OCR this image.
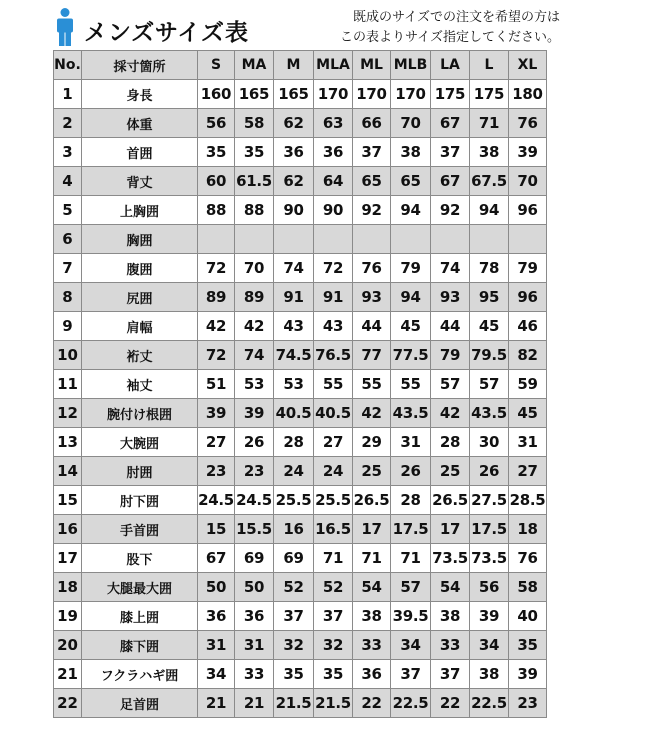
メンズサイズ表
既成のサイズでの注文を希望の方は
この表よりサイズ指定してください。
No.	採寸箇所	S	MA	M	MLA	ML	MLB	LA	L	XL
1	身長	160	165	165	170	170	170	175	175	180
2	体重	56	58	62	63	66	70	67	71	76
3	首囲	35	35	36	36	37	38	37	38	39
4	背丈	60	61.5	62	64	65	65	67	67.5	70
5	上胸囲	88	88	90	90	92	94	92	94	96
6	胸囲									
7	腹囲	72	70	74	72	76	79	74	78	79
8	尻囲	89	89	91	91	93	94	93	95	96
9	肩幅	42	42	43	43	44	45	44	45	46
10	裄丈	72	74	74.5	76.5	77	77.5	79	79.5	82
11	袖丈	51	53	53	55	55	55	57	57	59
12	腕付け根囲	39	39	40.5	40.5	42	43.5	42	43.5	45
13	大腕囲	27	26	28	27	29	31	28	30	31
14	肘囲	23	23	24	24	25	26	25	26	27
15	肘下囲	24.5	24.5	25.5	25.5	26.5	28	26.5	27.5	28.5
16	手首囲	15	15.5	16	16.5	17	17.5	17	17.5	18
17	股下	67	69	69	71	71	71	73.5	73.5	76
18	大腿最大囲	50	50	52	52	54	57	54	56	58
19	膝上囲	36	36	37	37	38	39.5	38	39	40
20	膝下囲	31	31	32	32	33	34	33	34	35
21	フクラハギ囲	34	33	35	35	36	37	37	38	39
22	足首囲	21	21	21.5	21.5	22	22.5	22	22.5	23
